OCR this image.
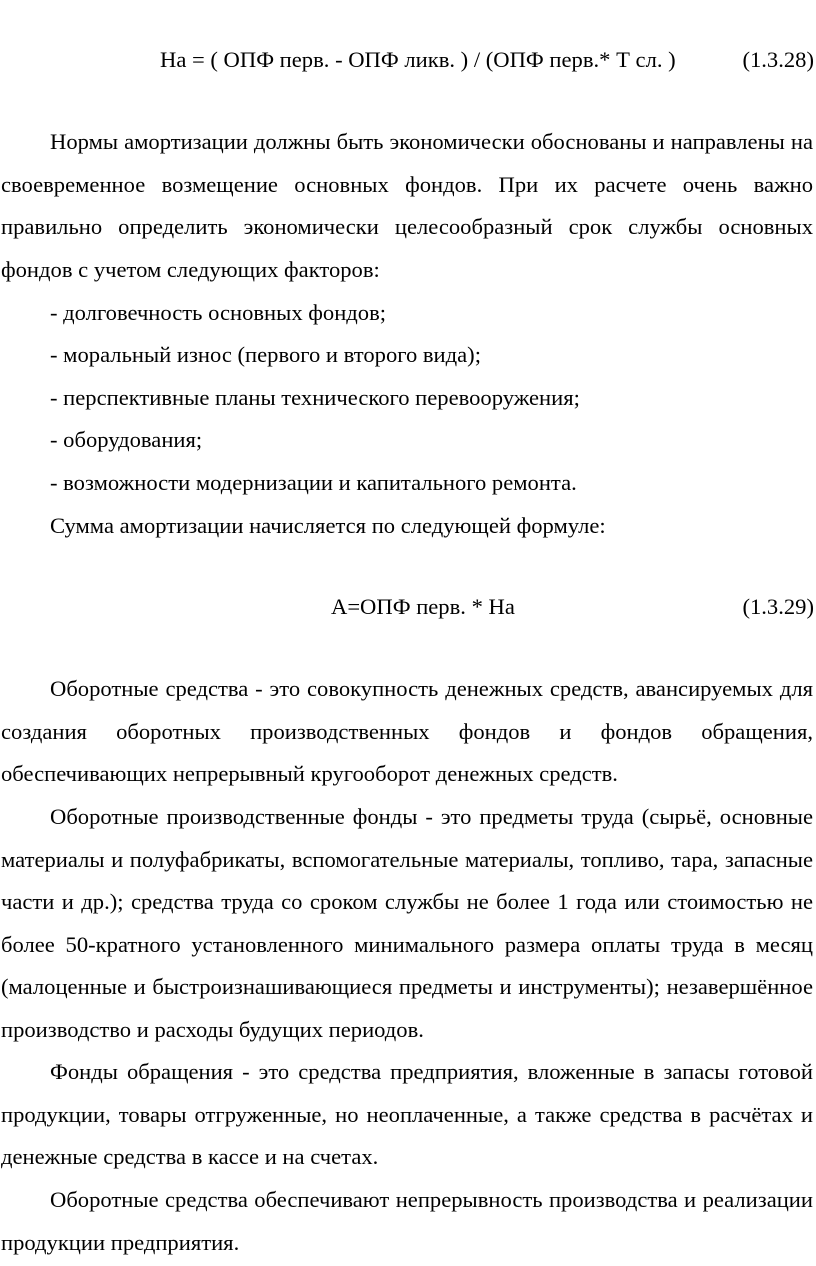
На = ( ОПФ перв. - ОПФ ликв. ) / (ОПФ перв.* Т сл. )	(1.3.28)

Нормы амортизации должны быть экономически обоснованы и направлены на своевременное возмещение основных фондов. При их расчете очень важно правильно определить экономически целесообразный срок службы основных фондов с учетом следующих факторов:

- долговечность основных фондов;

- моральный износ (первого и второго вида);

- перспективные планы технического перевооружения;

- оборудования;

- возможности модернизации и капитального ремонта.

Сумма амортизации начисляется по следующей формуле:

А=ОПФ перв. * На	(1.3.29)

Оборотные средства - это совокупность денежных средств, авансируемых для создания оборотных производственных фондов и фондов обращения, обеспечивающих непрерывный кругооборот денежных средств.

Оборотные производственные фонды - это предметы труда (сырьё, основные материалы и полуфабрикаты, вспомогательные материалы, топливо, тара, запасные части и др.); средства труда со сроком службы не более 1 года или стоимостью не более 50-кратного установленного минимального размера оплаты труда в месяц (малоценные и быстроизнашивающиеся предметы и инструменты); незавершённое производство и расходы будущих периодов.

Фонды обращения - это средства предприятия, вложенные в запасы готовой продукции, товары отгруженные, но неоплаченные, а также средства в расчётах и денежные средства в кассе и на счетах.

Оборотные средства обеспечивают непрерывность производства и реализации продукции предприятия.
